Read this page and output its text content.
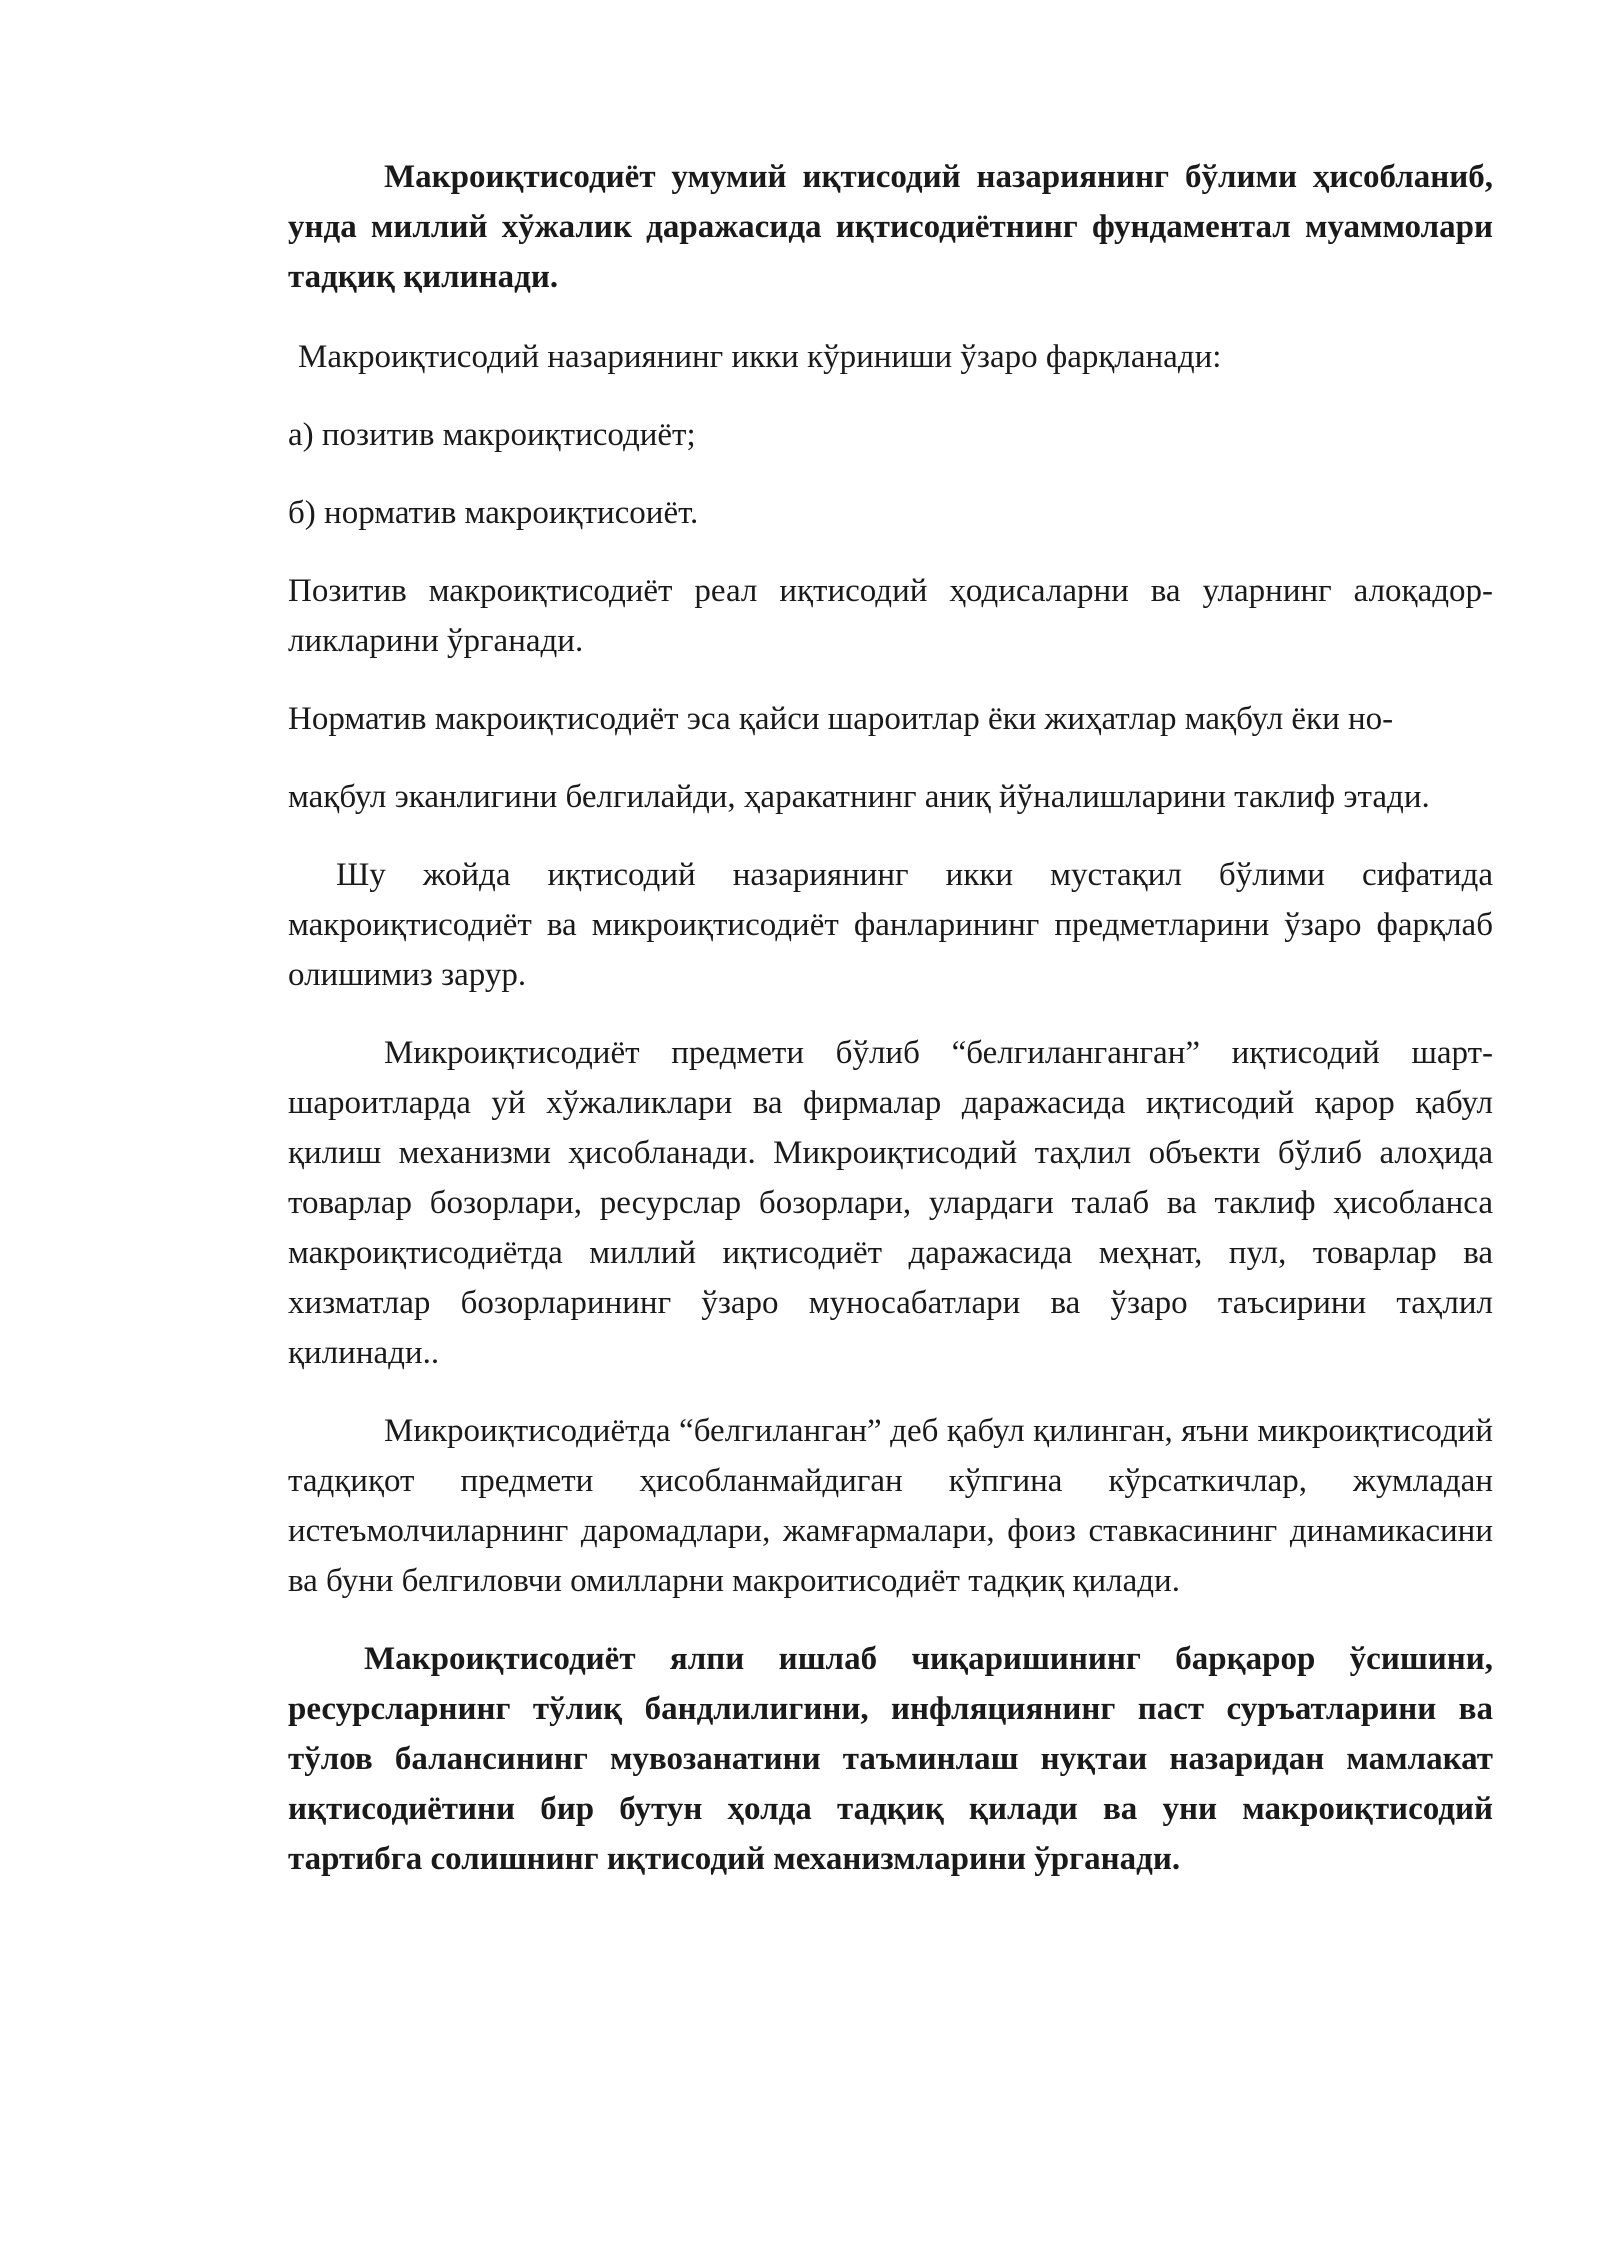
Макроиқтисодиёт умумий иқтисодий назариянинг бўлими ҳисобланиб, унда миллий хўжалик даражасида иқтисодиётнинг фундаментал муаммолари тадқиқ қилинади.

Макроиқтисодий назариянинг икки кўриниши ўзаро фарқланади:

а) позитив макроиқтисодиёт;

б) норматив макроиқтисоиёт.

Позитив макроиқтисодиёт реал иқтисодий ҳодисаларни ва уларнинг алоқадор-ликларини ўрганади.

Норматив макроиқтисодиёт эса қайси шароитлар ёки жиҳатлар мақбул ёки но-

мақбул эканлигини белгилайди, ҳаракатнинг аниқ йўналишларини таклиф этади.

Шу жойда иқтисодий назариянинг икки мустақил бўлими сифатида макроиқтисодиёт ва микроиқтисодиёт фанларининг предметларини ўзаро фарқлаб олишимиз зарур.

Микроиқтисодиёт предмети бўлиб “белгиланганган” иқтисодий шарт-шароитларда уй хўжаликлари ва фирмалар даражасида иқтисодий қарор қабул қилиш механизми ҳисобланади. Микроиқтисодий таҳлил объекти бўлиб алоҳида товарлар бозорлари, ресурслар бозорлари, улардаги талаб ва таклиф ҳисобланса макроиқтисодиётда миллий иқтисодиёт даражасида меҳнат, пул, товарлар ва хизматлар бозорларининг ўзаро муносабатлари ва ўзаро таъсирини таҳлил қилинади..

Микроиқтисодиётда “белгиланган” деб қабул қилинган, яъни микроиқтисодий тадқиқот предмети ҳисобланмайдиган кўпгина кўрсаткичлар, жумладан истеъмолчиларнинг даромадлари, жамғармалари, фоиз ставкасининг динамикасини ва буни белгиловчи омилларни макроитисодиёт тадқиқ қилади.

Макроиқтисодиёт ялпи ишлаб чиқаришининг барқарор ўсишини, ресурсларнинг тўлиқ бандлилигини, инфляциянинг паст суръатларини ва тўлов балансининг мувозанатини таъминлаш нуқтаи назаридан мамлакат иқтисодиётини бир бутун ҳолда тадқиқ қилади ва уни макроиқтисодий тартибга солишнинг иқтисодий механизмларини ўрганади.
